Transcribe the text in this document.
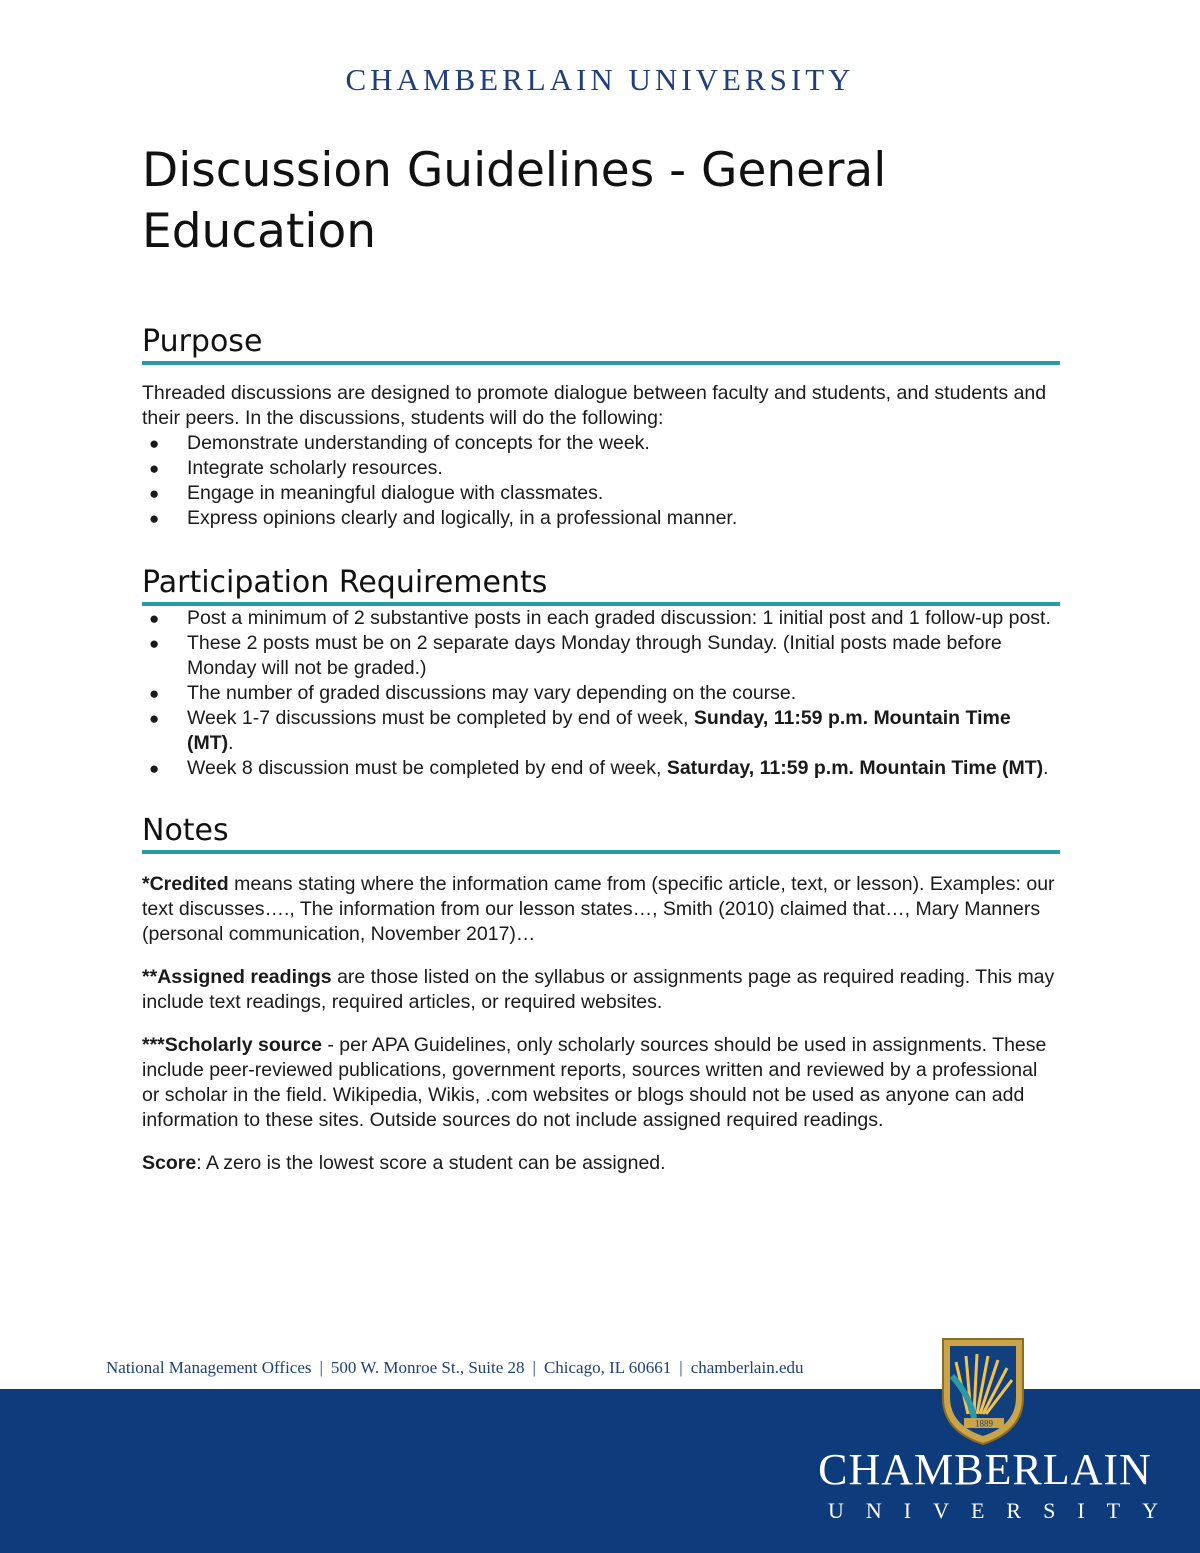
CHAMBERLAIN UNIVERSITY
Discussion Guidelines - General Education
Purpose

Threaded discussions are designed to promote dialogue between faculty and students, and students and their peers. In the discussions, students will do the following:

● Demonstrate understanding of concepts for the week.
● Integrate scholarly resources.
● Engage in meaningful dialogue with classmates.
● Express opinions clearly and logically, in a professional manner.
Participation Requirements
● Post a minimum of 2 substantive posts in each graded discussion: 1 initial post and 1 follow-up post.
● These 2 posts must be on 2 separate days Monday through Sunday. (Initial posts made before Monday will not be graded.)
● The number of graded discussions may vary depending on the course.
● Week 1-7 discussions must be completed by end of week, Sunday, 11:59 p.m. Mountain Time (MT).
● Week 8 discussion must be completed by end of week, Saturday, 11:59 p.m. Mountain Time (MT).
Notes

*Credited means stating where the information came from (specific article, text, or lesson). Examples: our text discusses…., The information from our lesson states…, Smith (2010) claimed that…, Mary Manners (personal communication, November 2017)…

**Assigned readings are those listed on the syllabus or assignments page as required reading. This may include text readings, required articles, or required websites.

***Scholarly source - per APA Guidelines, only scholarly sources should be used in assignments. These include peer-reviewed publications, government reports, sources written and reviewed by a professional or scholar in the field. Wikipedia, Wikis, .com websites or blogs should not be used as anyone can add information to these sites. Outside sources do not include assigned required readings.

Score: A zero is the lowest score a student can be assigned.

National Management Offices | 500 W. Monroe St., Suite 28 | Chicago, IL 60661 | chamberlain.edu
1889
CHAMBERLAIN
UNIVERSITY
